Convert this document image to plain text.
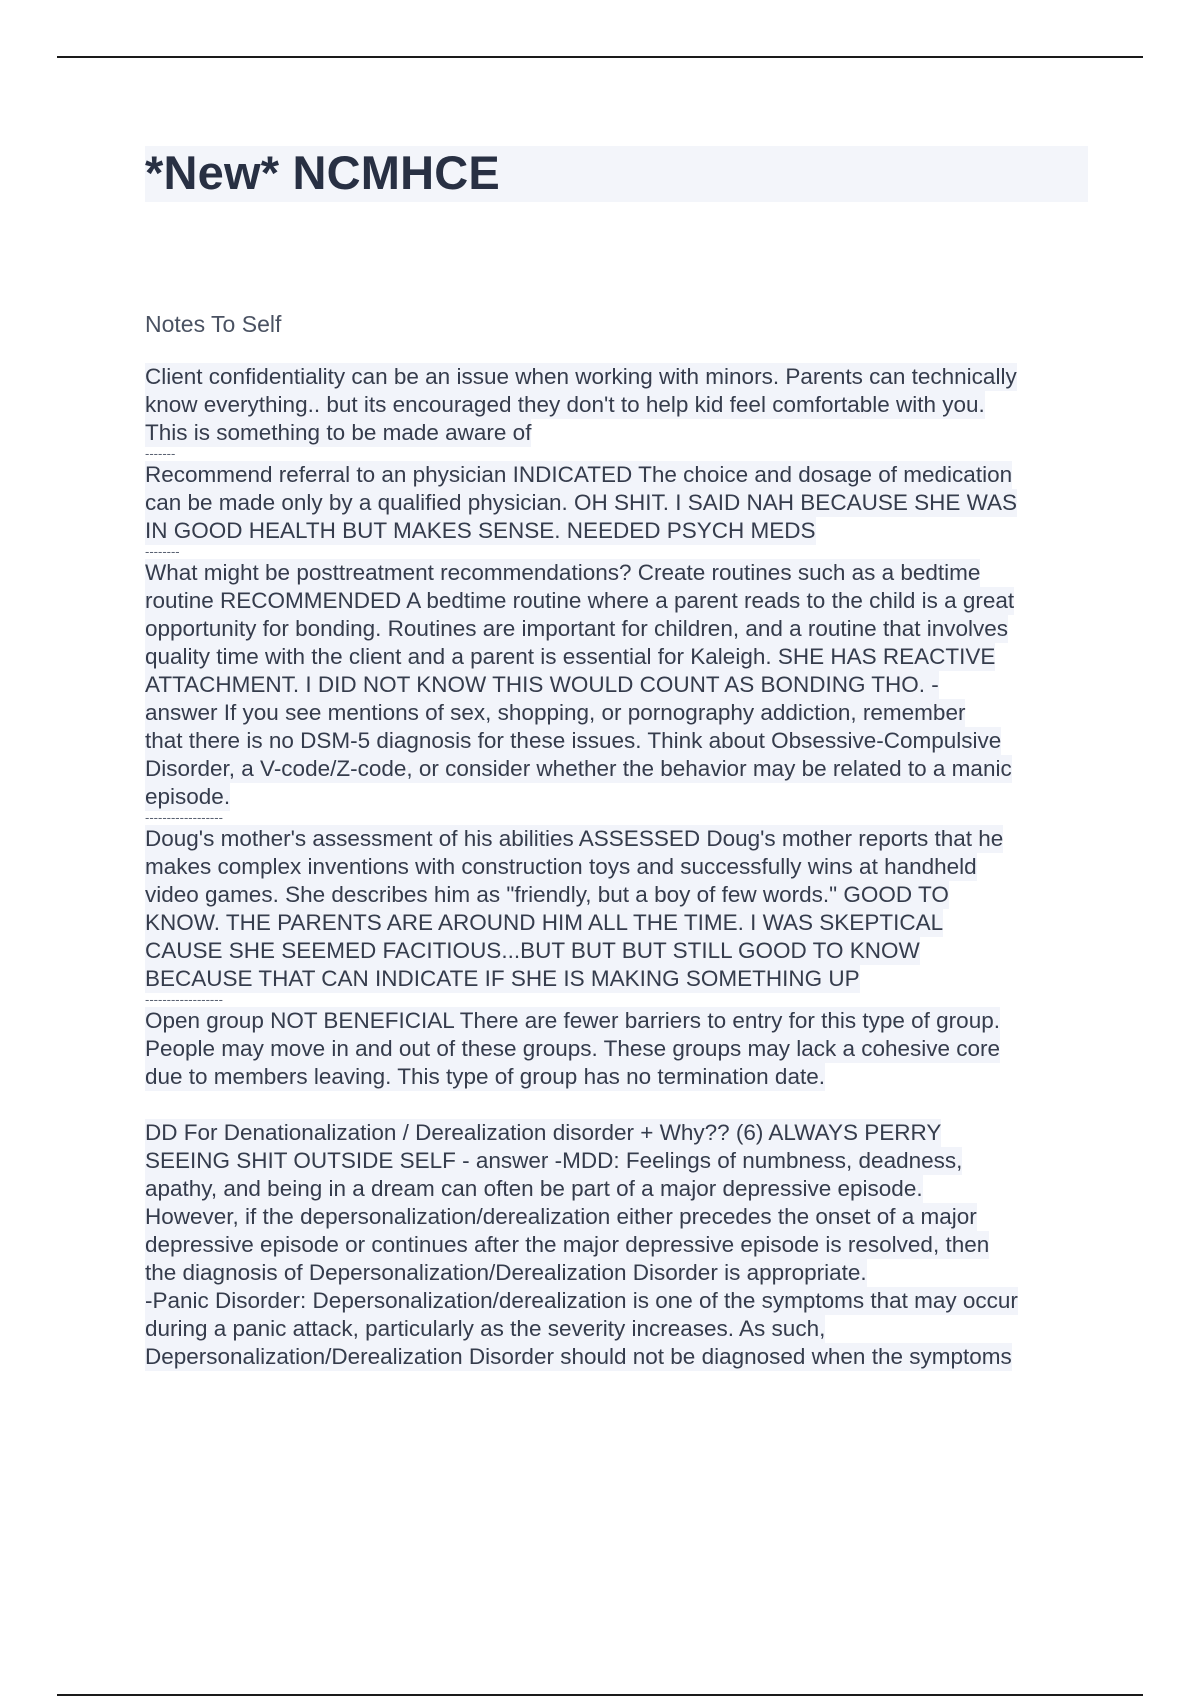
*New* NCMHCE

Notes To Self

Client confidentiality can be an issue when working with minors. Parents can technically
know everything.. but its encouraged they don't to help kid feel comfortable with you.
This is something to be made aware of

-------

Recommend referral to an physician INDICATED The choice and dosage of medication
can be made only by a qualified physician. OH SHIT. I SAID NAH BECAUSE SHE WAS
IN GOOD HEALTH BUT MAKES SENSE. NEEDED PSYCH MEDS

--------

What might be posttreatment recommendations? Create routines such as a bedtime
routine RECOMMENDED A bedtime routine where a parent reads to the child is a great
opportunity for bonding. Routines are important for children, and a routine that involves
quality time with the client and a parent is essential for Kaleigh. SHE HAS REACTIVE
ATTACHMENT. I DID NOT KNOW THIS WOULD COUNT AS BONDING THO. -
answer If you see mentions of sex, shopping, or pornography addiction, remember
that there is no DSM-5 diagnosis for these issues. Think about Obsessive-Compulsive
Disorder, a V-code/Z-code, or consider whether the behavior may be related to a manic
episode.

------------------

Doug's mother's assessment of his abilities ASSESSED Doug's mother reports that he
makes complex inventions with construction toys and successfully wins at handheld
video games. She describes him as "friendly, but a boy of few words." GOOD TO
KNOW. THE PARENTS ARE AROUND HIM ALL THE TIME. I WAS SKEPTICAL
CAUSE SHE SEEMED FACITIOUS...BUT BUT BUT STILL GOOD TO KNOW
BECAUSE THAT CAN INDICATE IF SHE IS MAKING SOMETHING UP

------------------

Open group NOT BENEFICIAL There are fewer barriers to entry for this type of group.
People may move in and out of these groups. These groups may lack a cohesive core
due to members leaving. This type of group has no termination date.

DD For Denationalization / Derealization disorder + Why?? (6) ALWAYS PERRY
SEEING SHIT OUTSIDE SELF - answer -MDD: Feelings of numbness, deadness,
apathy, and being in a dream can often be part of a major depressive episode.
However, if the depersonalization/derealization either precedes the onset of a major
depressive episode or continues after the major depressive episode is resolved, then
the diagnosis of Depersonalization/Derealization Disorder is appropriate.
-Panic Disorder: Depersonalization/derealization is one of the symptoms that may occur
during a panic attack, particularly as the severity increases. As such,
Depersonalization/Derealization Disorder should not be diagnosed when the symptoms
